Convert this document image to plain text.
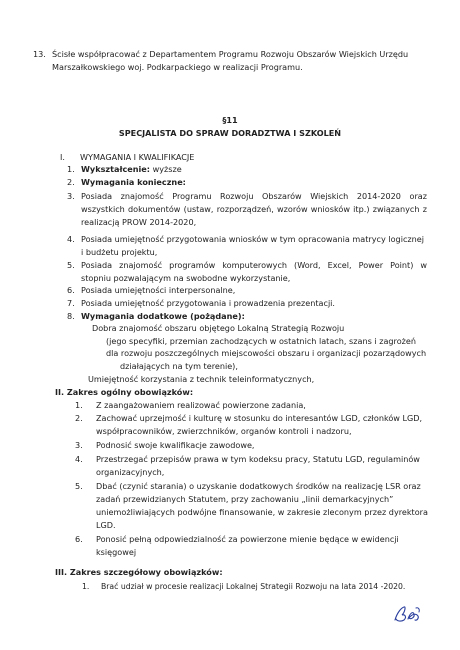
13. Ścisłe współpracować z Departamentem Programu Rozwoju Obszarów Wiejskich Urzędu
Marszałkowskiego woj. Podkarpackiego w realizacji Programu.
§11
SPECJALISTA DO SPRAW DORADZTWA I SZKOLEŃ
I. WYMAGANIA I KWALIFIKACJE
1. Wykształcenie: wyższe
2. Wymagania konieczne:
3. Posiada znajomość Programu Rozwoju Obszarów Wiejskich 2014-2020 oraz
wszystkich dokumentów (ustaw, rozporządzeń, wzorów wniosków itp.) związanych z
realizacją PROW 2014-2020,
4. Posiada umiejętność przygotowania wniosków w tym opracowania matrycy logicznej
i budżetu projektu,
5. Posiada znajomość programów komputerowych (Word, Excel, Power Point) w
stopniu pozwalającym na swobodne wykorzystanie,
6. Posiada umiejętności interpersonalne,
7. Posiada umiejętność przygotowania i prowadzenia prezentacji.
8. Wymagania dodatkowe (pożądane):
Dobra znajomość obszaru objętego Lokalną Strategią Rozwoju
(jego specyfiki, przemian zachodzących w ostatnich latach, szans i zagrożeń
dla rozwoju poszczególnych miejscowości obszaru i organizacji pozarządowych
działających na tym terenie),
Umiejętność korzystania z technik teleinformatycznych,
II. Zakres ogólny obowiązków:
1. Z zaangażowaniem realizować powierzone zadania,
2. Zachować uprzejmość i kulturę w stosunku do interesantów LGD, członków LGD,
współpracowników, zwierzchników, organów kontroli i nadzoru,
3. Podnosić swoje kwalifikacje zawodowe,
4. Przestrzegać przepisów prawa w tym kodeksu pracy, Statutu LGD, regulaminów
organizacyjnych,
5. Dbać (czynić starania) o uzyskanie dodatkowych środków na realizację LSR oraz
zadań przewidzianych Statutem, przy zachowaniu „linii demarkacyjnych”
uniemożliwiających podwójne finansowanie, w zakresie zleconym przez dyrektora
LGD.
6. Ponosić pełną odpowiedzialność za powierzone mienie będące w ewidencji
księgowej
III. Zakres szczegółowy obowiązków:
1. Brać udział w procesie realizacji Lokalnej Strategii Rozwoju na lata 2014 -2020.
